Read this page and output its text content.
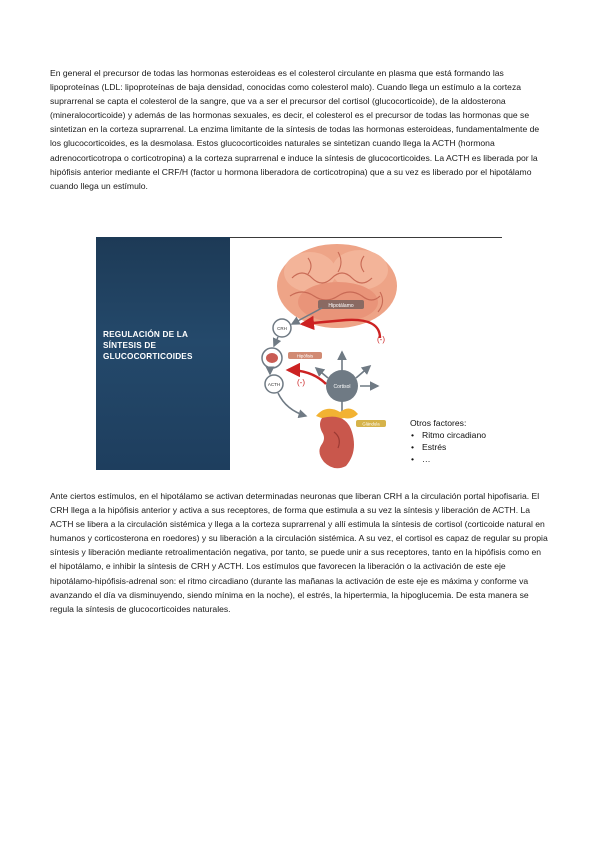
En general el precursor de todas las hormonas esteroideas es el colesterol circulante en plasma que está formando las lipoproteínas (LDL: lipoproteínas de baja densidad, conocidas como colesterol malo). Cuando llega un estímulo a la corteza suprarrenal se capta el colesterol de la sangre, que va a ser el precursor del cortisol (glucocorticoide), de la aldosterona (mineralocorticoide) y además de las hormonas sexuales, es decir, el colesterol es el precursor de todas las hormonas que se sintetizan en la corteza suprarrenal. La enzima limitante de la síntesis de todas las hormonas esteroideas, fundamentalmente de los glucocorticoides, es la desmolasa. Estos glucocorticoides naturales se sintetizan cuando llega la ACTH (hormona adrenocorticotropa o corticotropina) a la corteza suprarrenal e induce la síntesis de glucocorticoides. La ACTH es liberada por la hipófisis anterior mediante el CRF/H (factor u hormona liberadora de corticotropina) que a su vez es liberado por el hipotálamo cuando llega un estímulo.

REGULACIÓN DE LA SÍNTESIS DE GLUCOCORTICOIDES

Hipotálamo
CRH
Hipófisis
ACTH	Cortisol
(-)
(-)
Glándula	Otros factores:
• Ritmo circadiano
• Estrés
• …

Ante ciertos estímulos, en el hipotálamo se activan determinadas neuronas que liberan CRH a la circulación portal hipofisaria. El CRH llega a la hipófisis anterior y activa a sus receptores, de forma que estimula a su vez la síntesis y liberación de ACTH. La ACTH se libera a la circulación sistémica y llega a la corteza suprarrenal y allí estimula la síntesis de cortisol (corticoide natural en humanos y corticosterona en roedores) y su liberación a la circulación sistémica. A su vez, el cortisol es capaz de regular su propia síntesis y liberación mediante retroalimentación negativa, por tanto, se puede unir a sus receptores, tanto en la hipófisis como en el hipotálamo, e inhibir la síntesis de CRH y ACTH. Los estímulos que favorecen la liberación o la activación de este eje hipotálamo-hipófisis-adrenal son: el ritmo circadiano (durante las mañanas la activación de este eje es máxima y conforme va avanzando el día va disminuyendo, siendo mínima en la noche), el estrés, la hipertermia, la hipoglucemia. De esta manera se regula la síntesis de glucocorticoides naturales.
